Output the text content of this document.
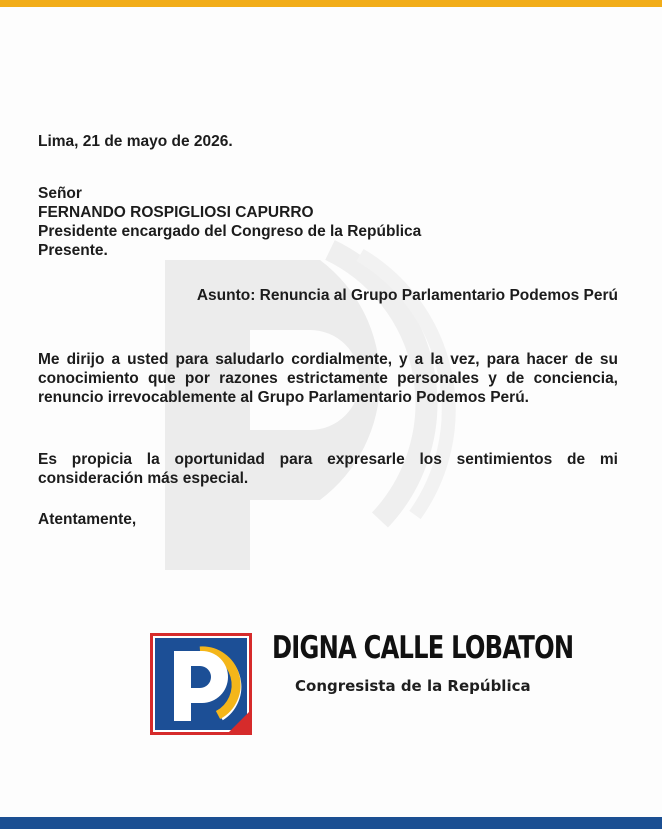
Lima, 21 de mayo de 2026.
Señor
FERNANDO ROSPIGLIOSI CAPURRO
Presidente encargado del Congreso de la República
Presente.
Asunto: Renuncia al Grupo Parlamentario Podemos Perú
Me dirijo a usted para saludarlo cordialmente, y a la vez, para hacer de su conocimiento que por razones estrictamente personales y de conciencia, renuncio irrevocablemente al Grupo Parlamentario Podemos Perú.
Es propicia la oportunidad para expresarle los sentimientos de mi consideración más especial.
Atentamente,
DIGNA CALLE LOBATON
Congresista de la República
